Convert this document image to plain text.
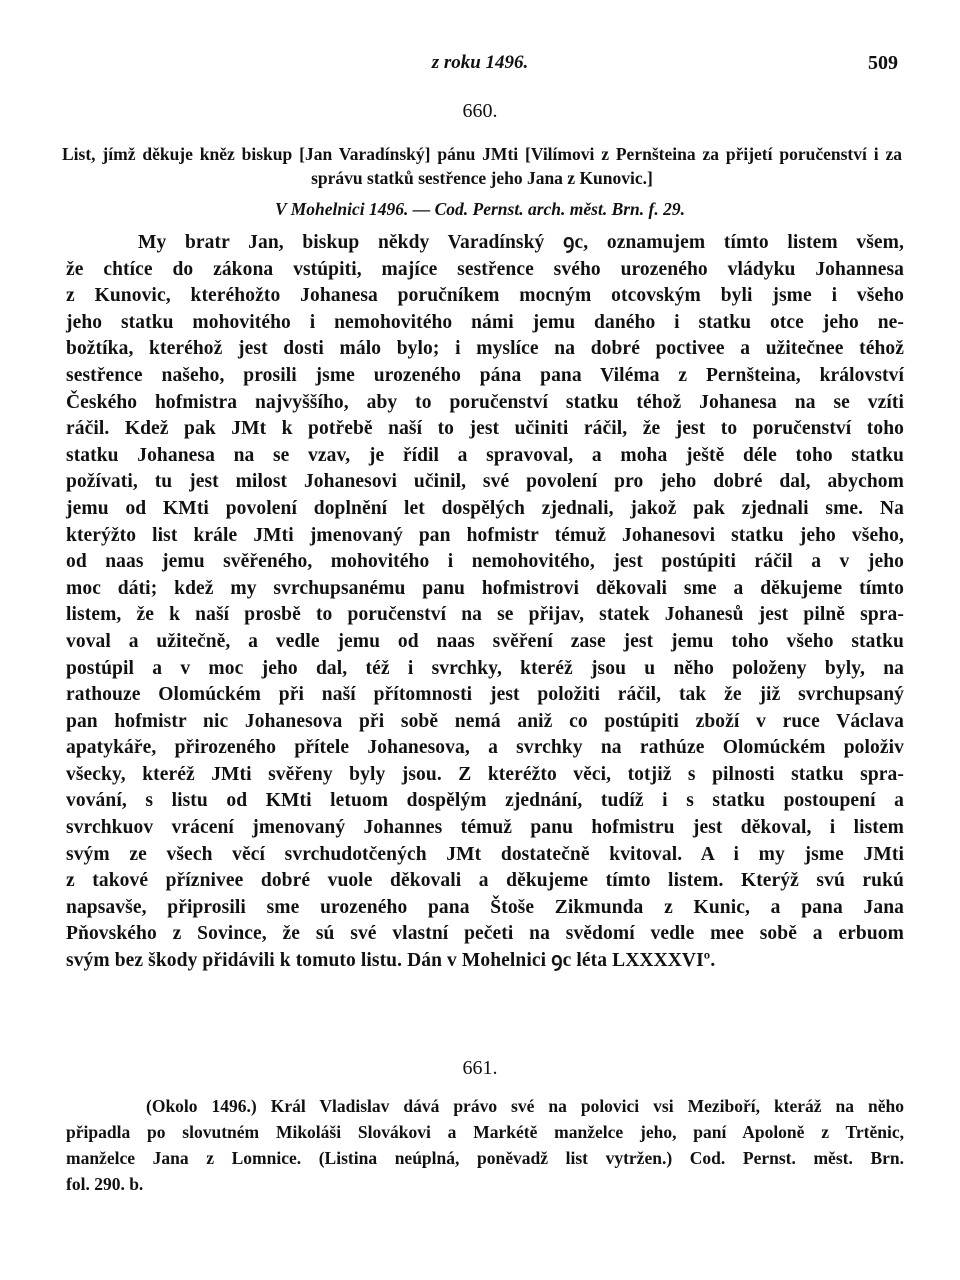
z roku 1496.	509
660.
List, jímž děkuje kněz biskup [Jan Varadínský] pánu JMti [Vilímovi z Pernšteina za přijetí poručenství i za správu statků sestřence jeho Jana z Kunovic.]
V Mohelnici 1496. — Cod. Pernst. arch. měst. Brn. f. 29.
My bratr Jan, biskup někdy Varadínský ꝯc, oznamujem tímto listem všem,
že chtíce do zákona vstúpiti, majíce sestřence svého urozeného vládyku Johannesa
z Kunovic, kteréhožto Johanesa poručníkem mocným otcovským byli jsme i všeho
jeho statku mohovitého i nemohovitého námi jemu daného i statku otce jeho ne-
božtíka, kteréhož jest dosti málo bylo; i myslíce na dobré poctivee a užitečnee téhož
sestřence našeho, prosili jsme urozeného pána pana Viléma z Pernšteina, království
Českého hofmistra najvyššího, aby to poručenství statku téhož Johanesa na se vzíti
ráčil. Kdež pak JMt k potřebě naší to jest učiniti ráčil, že jest to poručenství toho
statku Johanesa na se vzav, je řídil a spravoval, a moha ještě déle toho statku
požívati, tu jest milost Johanesovi učinil, své povolení pro jeho dobré dal, abychom
jemu od KMti povolení doplnění let dospělých zjednali, jakož pak zjednali sme. Na
kterýžto list krále JMti jmenovaný pan hofmistr témuž Johanesovi statku jeho všeho,
od naas jemu svěřeného, mohovitého i nemohovitého, jest postúpiti ráčil a v jeho
moc dáti; kdež my svrchupsanému panu hofmistrovi děkovali sme a děkujeme tímto
listem, že k naší prosbě to poručenství na se přijav, statek Johanesů jest pilně spra-
voval a užitečně, a vedle jemu od naas svěření zase jest jemu toho všeho statku
postúpil a v moc jeho dal, též i svrchky, kteréž jsou u něho položeny byly, na
rathouze Olomúckém při naší přítomnosti jest položiti ráčil, tak že již svrchupsaný
pan hofmistr nic Johanesova při sobě nemá aniž co postúpiti zboží v ruce Václava
apatykáře, přirozeného přítele Johanesova, a svrchky na rathúze Olomúckém položiv
všecky, kteréž JMti svěřeny byly jsou. Z kteréžto věci, totjiž s pilnosti statku spra-
vování, s listu od KMti letuom dospělým zjednání, tudíž i s statku postoupení a
svrchkuov vrácení jmenovaný Johannes témuž panu hofmistru jest děkoval, i listem
svým ze všech věcí svrchudotčených JMt dostatečně kvitoval. A i my jsme JMti
z takové příznivee dobré vuole děkovali a děkujeme tímto listem. Kterýž svú rukú
napsavše, připrosili sme urozeného pana Štoše Zikmunda z Kunic, a pana Jana
Pňovského z Sovince, že sú své vlastní pečeti na svědomí vedle mee sobě a erbuom
svým bez škody přidávili k tomuto listu. Dán v Mohelnici ꝯc léta LXXXXVIº.
661.
(Okolo 1496.) Král Vladislav dává právo své na polovici vsi Meziboří, kteráž na něho
připadla po slovutném Mikoláši Slovákovi a Markétě manželce jeho, paní Apoloně z Trtěnic,
manželce Jana z Lomnice. (Listina neúplná, poněvadž list vytržen.) Cod. Pernst. měst. Brn.
fol. 290. b.
